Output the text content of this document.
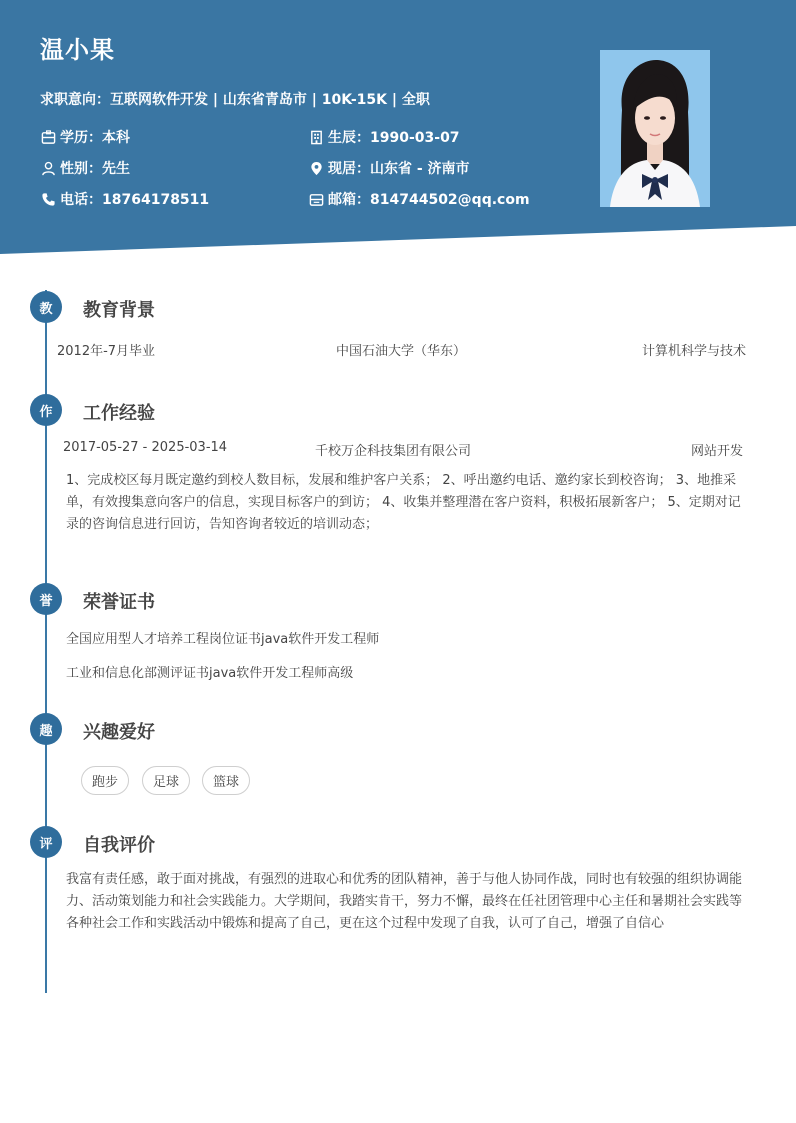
温小果
求职意向：互联网软件开发 | 山东省青岛市 | 10K-15K | 全职
学历：本科	生辰：1990-03-07
性别：先生	现居：山东省 - 济南市
电话：18764178511	邮箱：814744502@qq.com
教	教育背景
2012年-7月毕业	中国石油大学（华东）	计算机科学与技术
作	工作经验
2017-05-27 - 2025-03-14	千校万企科技集团有限公司	网站开发
1、完成校区每月既定邀约到校人数目标，发展和维护客户关系； 2、呼出邀约电话、邀约家长到校咨询； 3、地推采单，有效搜集意向客户的信息，实现目标客户的到访； 4、收集并整理潜在客户资料，积极拓展新客户； 5、定期对记录的咨询信息进行回访，告知咨询者较近的培训动态；
誉	荣誉证书
全国应用型人才培养工程岗位证书java软件开发工程师
工业和信息化部测评证书java软件开发工程师高级
趣	兴趣爱好
跑步	足球	篮球
评	自我评价
我富有责任感，敢于面对挑战，有强烈的进取心和优秀的团队精神，善于与他人协同作战，同时也有较强的组织协调能力、活动策划能力和社会实践能力。大学期间，我踏实肯干，努力不懈，最终在任社团管理中心主任和暑期社会实践等各种社会工作和实践活动中锻炼和提高了自己，更在这个过程中发现了自我，认可了自己，增强了自信心
